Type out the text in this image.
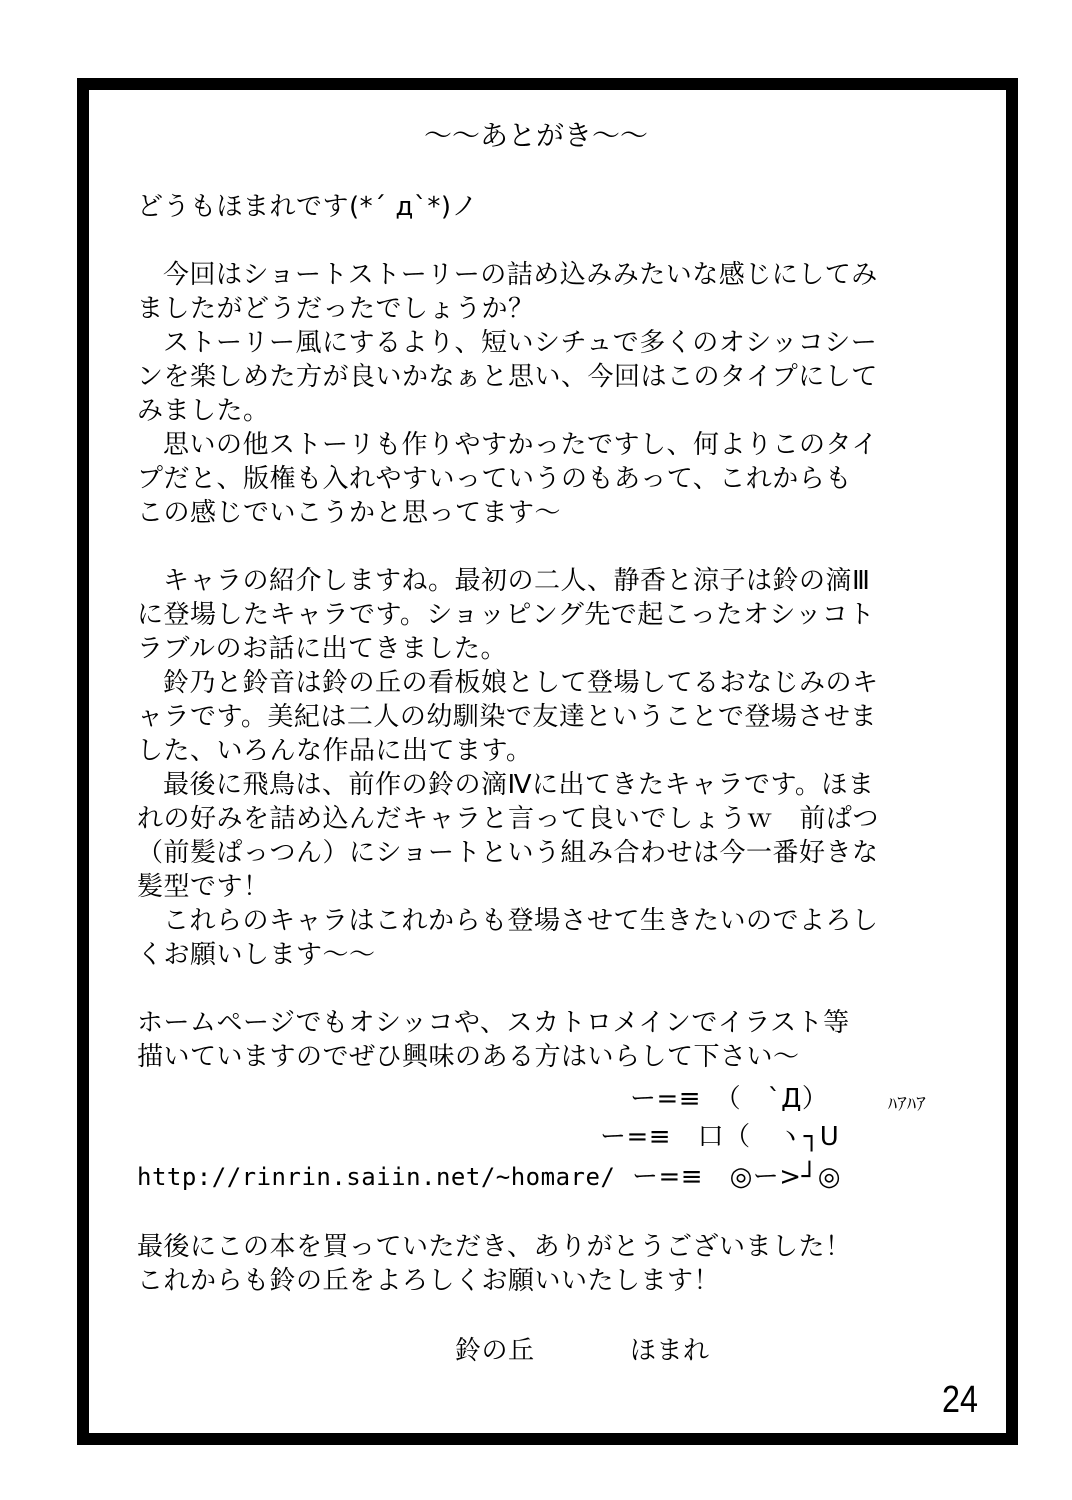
～～あとがき～～
どうもほまれです(*´ д`*)ノ
今回はショートストーリーの詰め込みみたいな感じにしてみ
ましたがどうだったでしょうか？
ストーリー風にするより、短いシチュで多くのオシッコシー
ンを楽しめた方が良いかなぁと思い、今回はこのタイプにして
みました。
思いの他ストーリも作りやすかったですし、何よりこのタイ
プだと、版権も入れやすいっていうのもあって、これからも
この感じでいこうかと思ってます～
キャラの紹介しますね。最初の二人、静香と涼子は鈴の滴Ⅲ
に登場したキャラです。ショッピング先で起こったオシッコト
ラブルのお話に出てきました。
鈴乃と鈴音は鈴の丘の看板娘として登場してるおなじみのキ
ャラです。美紀は二人の幼馴染で友達ということで登場させま
した、いろんな作品に出てます。
最後に飛鳥は、前作の鈴の滴Ⅳに出てきたキャラです。ほま
れの好みを詰め込んだキャラと言って良いでしょうｗ　前ぱつ
（前髪ぱっつん）にショートという組み合わせは今一番好きな
髪型です！
これらのキャラはこれからも登場させて生きたいのでよろし
くお願いします～～
ホームページでもオシッコや、スカトロメインでイラスト等
描いていますのでぜひ興味のある方はいらして下さい～
ー=≡　（　`Д）	ﾊｱﾊｱ
ー=≡　口（　ヽ┐U
http://rinrin.saiin.net/~homare/ ー=≡　◎ー>┘◎
最後にこの本を買っていただき、ありがとうございました！
これからも鈴の丘をよろしくお願いいたします！
鈴の丘	ほまれ
24
